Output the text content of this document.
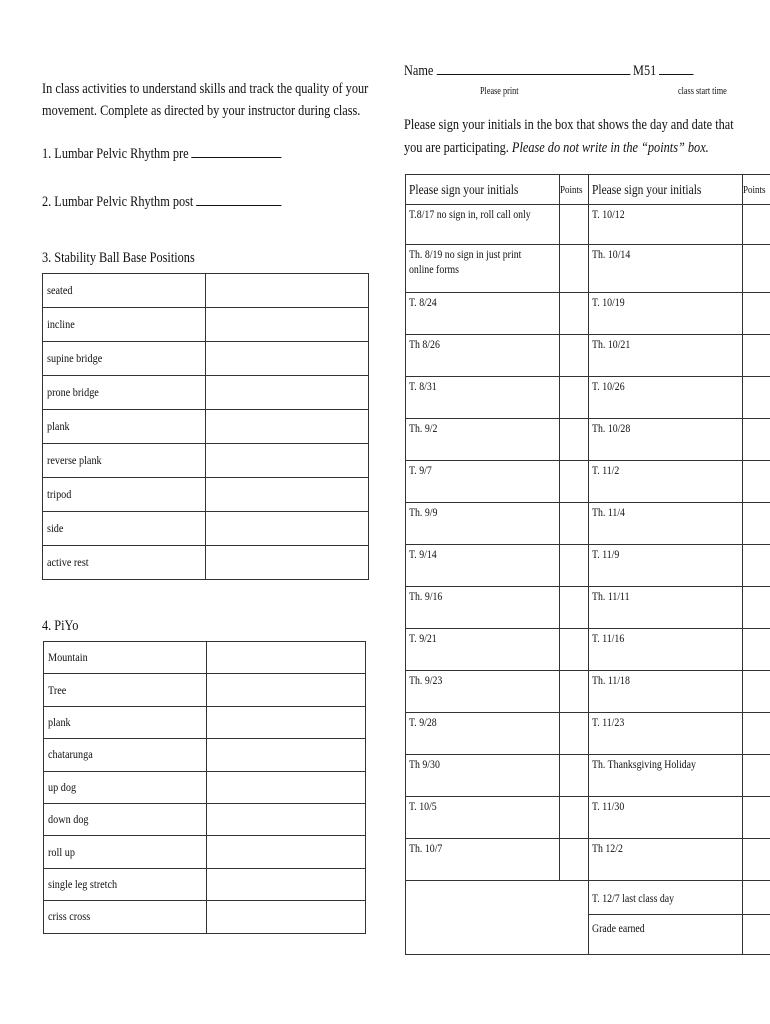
In class activities to understand skills and track the quality of your movement. Complete as directed by your instructor during class.
1. Lumbar Pelvic Rhythm pre
2. Lumbar Pelvic Rhythm post
3. Stability Ball Base Positions
seated	
incline	
supine bridge	
prone bridge	
plank	
reverse plank	
tripod	
side	
active rest	
4. PiYo
Mountain	
Tree	
plank	
chatarunga	
up dog	
down dog	
roll up	
single leg stretch	
criss cross	
Name	M51
Please print	class start time
Please sign your initials in the box that shows the day and date that you are participating. Please do not write in the “points” box.
Please sign your initials	Points	Please sign your initials	Points
T.8/17 no sign in, roll call only		T. 10/12	
Th. 8/19 no sign in just print online forms		Th. 10/14	
T. 8/24		T. 10/19	
Th 8/26		Th. 10/21	
T. 8/31		T. 10/26	
Th. 9/2		Th. 10/28	
T. 9/7		T. 11/2	
Th. 9/9		Th. 11/4	
T. 9/14		T. 11/9	
Th. 9/16		Th. 11/11	
T. 9/21		T. 11/16	
Th. 9/23		Th. 11/18	
T. 9/28		T. 11/23	
Th 9/30		Th. Thanksgiving Holiday	
T. 10/5		T. 11/30	
Th. 10/7		Th 12/2	
		T. 12/7 last class day	
		Grade earned	
